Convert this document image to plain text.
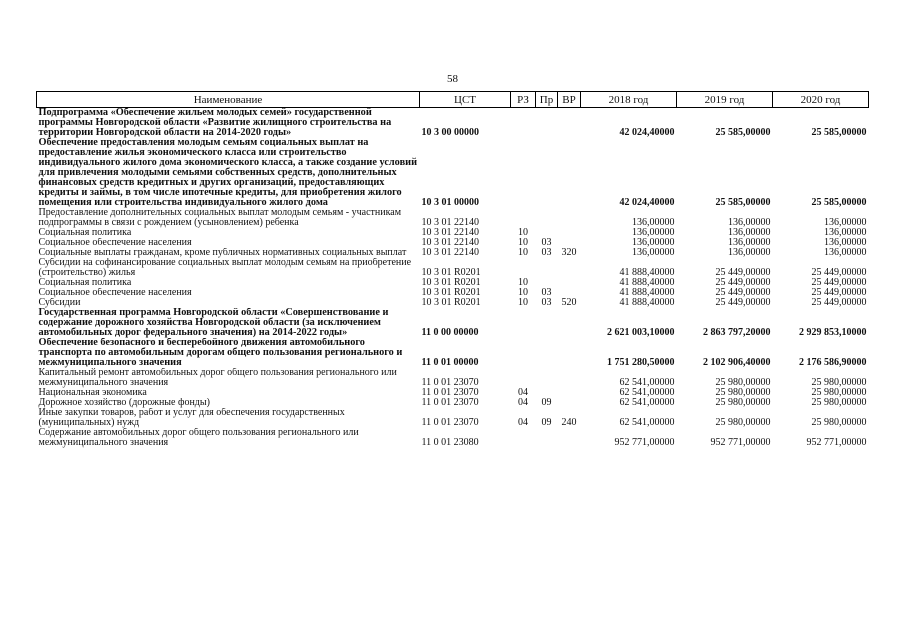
58
Наименование	ЦСТ	РЗ	Пр	ВР	2018 год	2019 год	2020 год
Подпрограмма «Обеспечение жильем молодых семей» государственной программы Новгородской области «Развитие жилищного строительства на территории Новгородской области на 2014-2020 годы»	10 3 00 00000				42 024,40000	25 585,00000	25 585,00000
Обеспечение предоставления молодым семьям социальных выплат на предоставление жилья экономического класса или строительство индивидуального жилого дома экономического класса, а также создание условий для привлечения молодыми семьями собственных средств, дополнительных финансовых средств кредитных и других организаций, предоставляющих кредиты и займы, в том числе ипотечные кредиты, для приобретения жилого помещения или строительства индивидуального жилого дома	10 3 01 00000				42 024,40000	25 585,00000	25 585,00000
Предоставление дополнительных социальных выплат молодым семьям - участникам подпрограммы в связи с рождением (усыновлением) ребенка	10 3 01 22140				136,00000	136,00000	136,00000
Социальная политика	10 3 01 22140	10			136,00000	136,00000	136,00000
Социальное обеспечение населения	10 3 01 22140	10	03		136,00000	136,00000	136,00000
Социальные выплаты гражданам, кроме публичных нормативных социальных выплат	10 3 01 22140	10	03	320	136,00000	136,00000	136,00000
Субсидии на софинансирование социальных выплат молодым семьям на приобретение (строительство) жилья	10 3 01 R0201				41 888,40000	25 449,00000	25 449,00000
Социальная политика	10 3 01 R0201	10			41 888,40000	25 449,00000	25 449,00000
Социальное обеспечение населения	10 3 01 R0201	10	03		41 888,40000	25 449,00000	25 449,00000
Субсидии	10 3 01 R0201	10	03	520	41 888,40000	25 449,00000	25 449,00000
Государственная программа Новгородской области «Совершенствование и содержание дорожного хозяйства Новгородской области (за исключением автомобильных дорог федерального значения) на 2014-2022 годы»	11 0 00 00000				2 621 003,10000	2 863 797,20000	2 929 853,10000
Обеспечение безопасного и бесперебойного движения автомобильного транспорта по автомобильным дорогам общего пользования регионального и межмуниципального значения	11 0 01 00000				1 751 280,50000	2 102 906,40000	2 176 586,90000
Капитальный ремонт автомобильных дорог общего пользования регионального или межмуниципального значения	11 0 01 23070				62 541,00000	25 980,00000	25 980,00000
Национальная экономика	11 0 01 23070	04			62 541,00000	25 980,00000	25 980,00000
Дорожное хозяйство (дорожные фонды)	11 0 01 23070	04	09		62 541,00000	25 980,00000	25 980,00000
Иные закупки товаров, работ и услуг для обеспечения государственных (муниципальных) нужд	11 0 01 23070	04	09	240	62 541,00000	25 980,00000	25 980,00000
Содержание автомобильных дорог общего пользования регионального или межмуниципального значения	11 0 01 23080				952 771,00000	952 771,00000	952 771,00000
